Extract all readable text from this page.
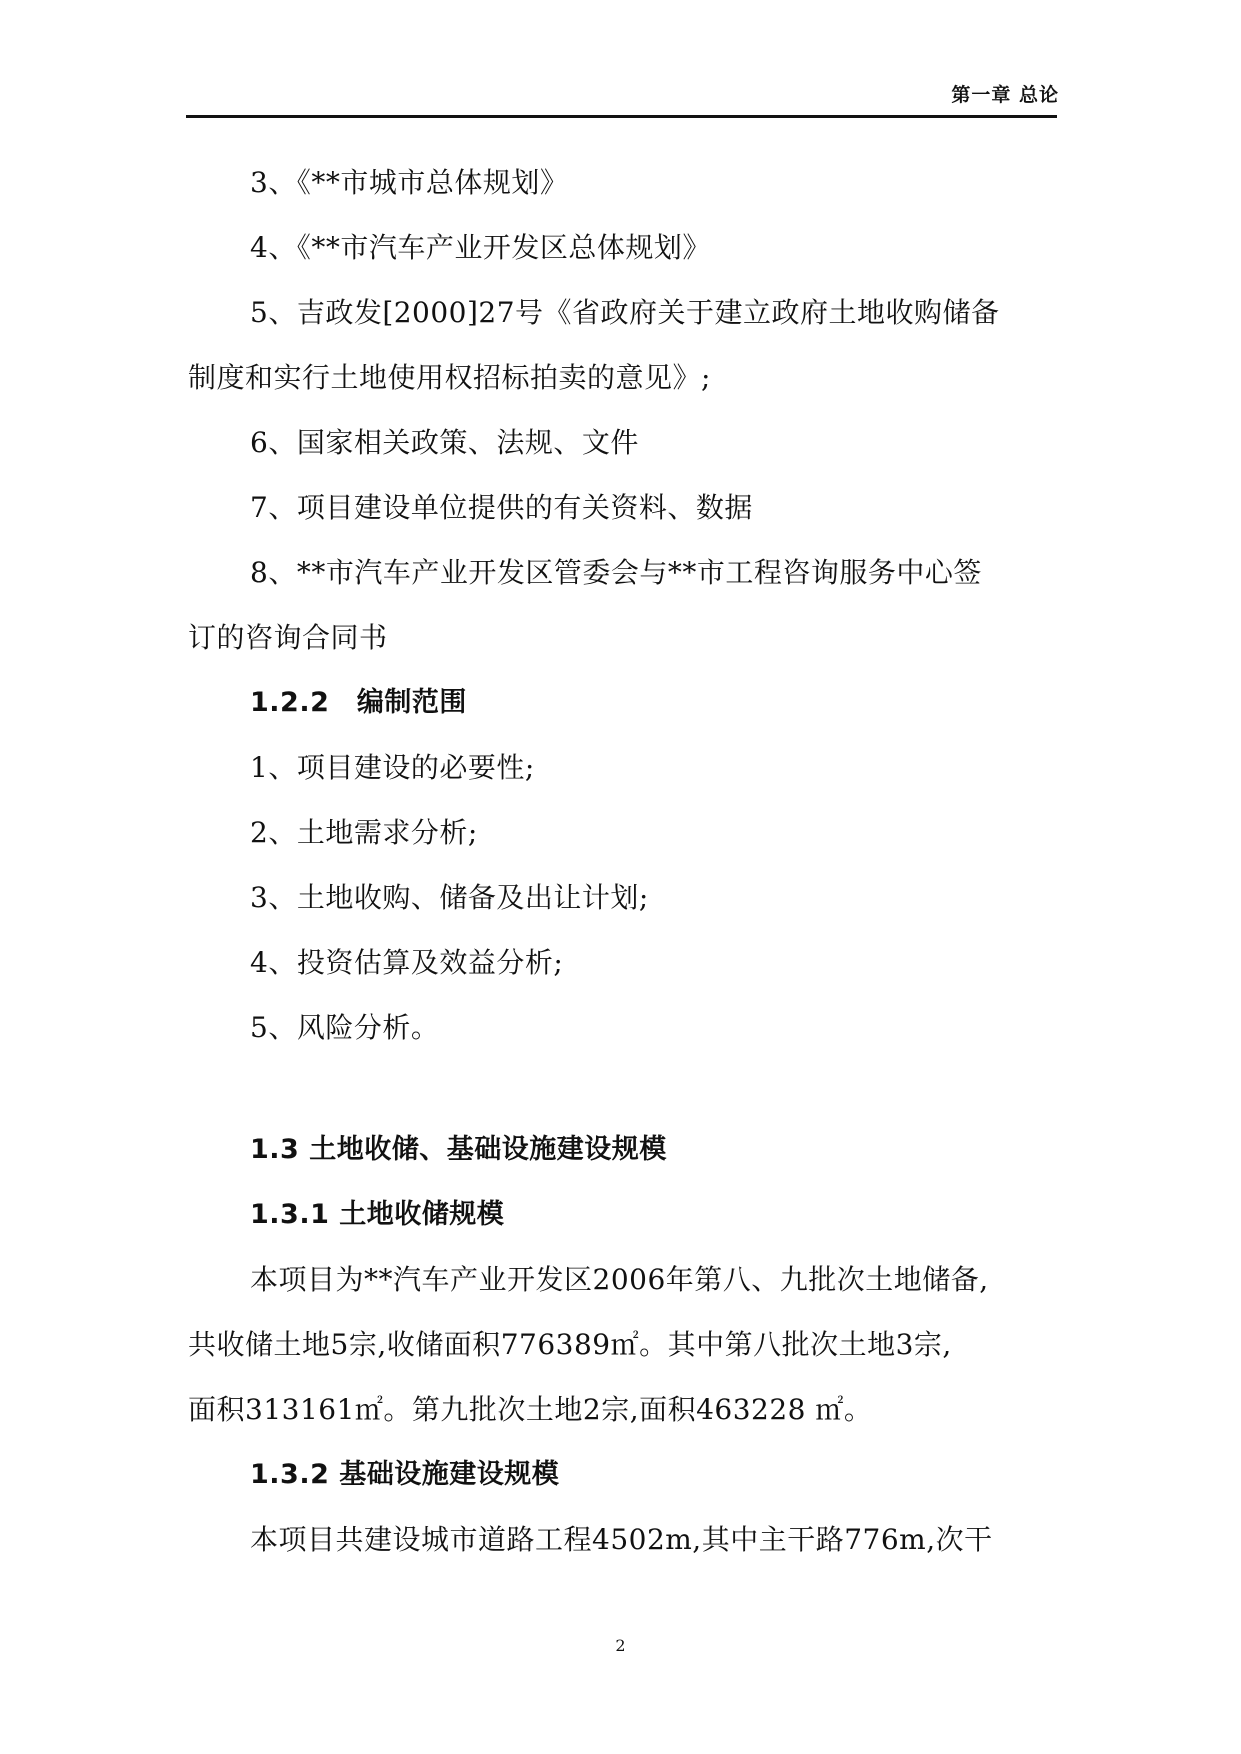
第一章 总论
3、《**市城市总体规划》
4、《**市汽车产业开发区总体规划》
5、吉政发[2000]27号《省政府关于建立政府土地收购储备
制度和实行土地使用权招标拍卖的意见》;
6、国家相关政策、法规、文件
7、项目建设单位提供的有关资料、数据
8、**市汽车产业开发区管委会与**市工程咨询服务中心签
订的咨询合同书
1.2.2　编制范围
1、项目建设的必要性;
2、土地需求分析;
3、土地收购、储备及出让计划;
4、投资估算及效益分析;
5、风险分析。
1.3 土地收储、基础设施建设规模
1.3.1 土地收储规模
本项目为**汽车产业开发区2006年第八、九批次土地储备,
共收储土地5宗,收储面积776389㎡。其中第八批次土地3宗,
面积313161㎡。第九批次土地2宗,面积463228 ㎡。
1.3.2 基础设施建设规模
本项目共建设城市道路工程4502m,其中主干路776m,次干
2
